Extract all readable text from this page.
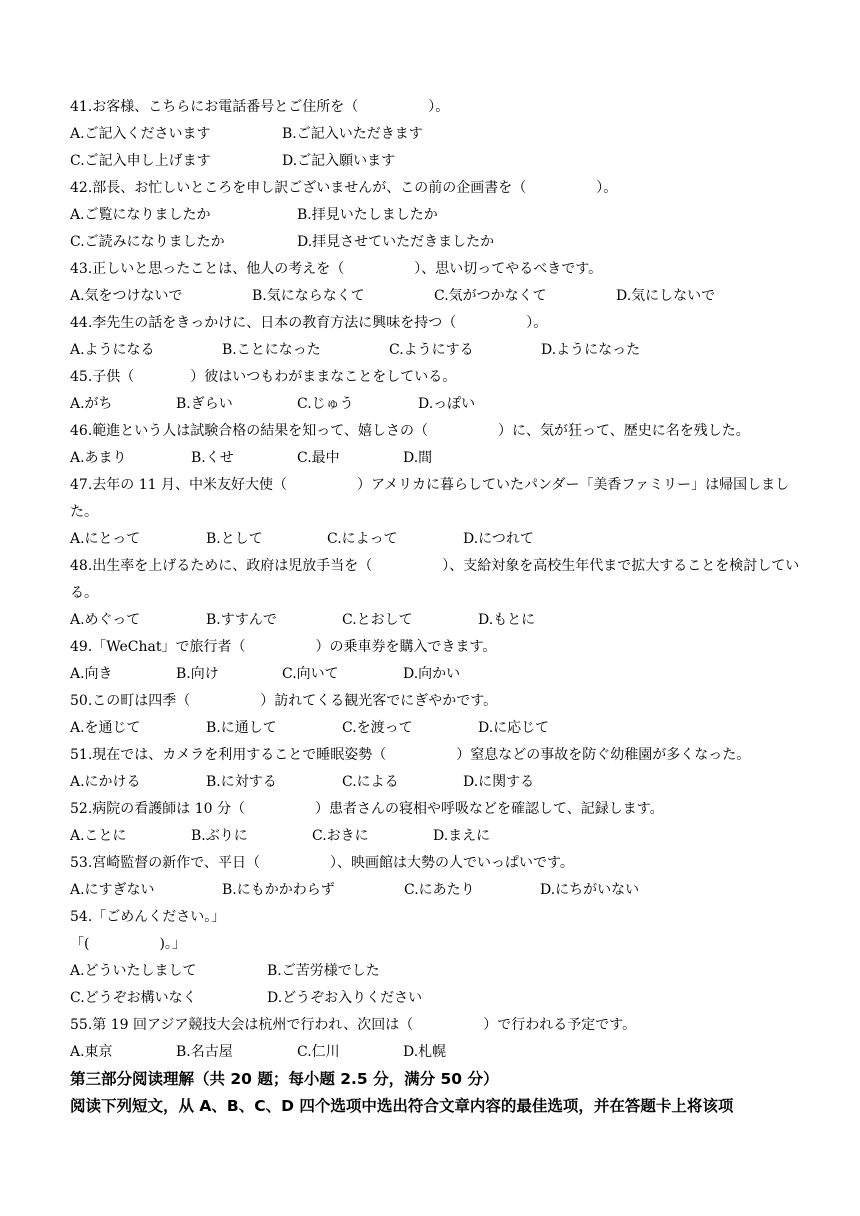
41.お客様、こちらにお電話番号とご住所を（　　　　　）。
A.ご記入くださいます	B.ご記入いただきます
C.ご記入申し上げます	D.ご記入願います
42.部長、お忙しいところを申し訳ございませんが、この前の企画書を（　　　　　）。
A.ご覧になりましたか	B.拝見いたしましたか
C.ご読みになりましたか	D.拝見させていただきましたか
43.正しいと思ったことは、他人の考えを（　　　　　）、思い切ってやるべきです。
A.気をつけないで	B.気にならなくて	C.気がつかなくて	D.気にしないで
44.李先生の話をきっかけに、日本の教育方法に興味を持つ（　　　　　）。
A.ようになる	B.ことになった	C.ようにする	D.ようになった
45.子供（　　　　）彼はいつもわがままなことをしている。
A.がち	B.ぎらい	C.じゅう	D.っぽい
46.範進という人は試験合格の結果を知って、嬉しさの（　　　　　）に、気が狂って、歴史に名を残した。
A.あまり	B.くせ	C.最中	D.間
47.去年の 11 月、中米友好大使（　　　　　）アメリカに暮らしていたパンダー「美香ファミリー」は帰国しました。
A.にとって	B.として	C.によって	D.につれて
48.出生率を上げるために、政府は児放手当を（　　　　　）、支給対象を高校生年代まで拡大することを検討している。
A.めぐって	B.すすんで	C.とおして	D.もとに
49.「WeChat」で旅行者（　　　　　）の乗車券を購入できます。
A.向き	B.向け	C.向いて	D.向かい
50.この町は四季（　　　　　）訪れてくる観光客でにぎやかです。
A.を通じて	B.に通して	C.を渡って	D.に応じて
51.現在では、カメラを利用することで睡眠姿勢（　　　　　）窒息などの事故を防ぐ幼稚園が多くなった。
A.にかける	B.に対する	C.による	D.に関する
52.病院の看護師は 10 分（　　　　　）患者さんの寝相や呼吸などを確認して、記録します。
A.ことに	B.ぶりに	C.おきに	D.まえに
53.宮崎監督の新作で、平日（　　　　　）、映画館は大勢の人でいっぱいです。
A.にすぎない	B.にもかかわらず	C.にあたり	D.にちがいない
54.「ごめんください。」
「(　　　　　)。」
A.どういたしまして	B.ご苦労様でした
C.どうぞお構いなく	D.どうぞお入りください
55.第 19 回アジア競技大会は杭州で行われ、次回は（　　　　　）で行われる予定です。
A.東京	B.名古屋	C.仁川	D.札幌
第三部分阅读理解（共 20 题；每小题 2.5 分，满分 50 分）
阅读下列短文，从 A、B、C、D 四个选项中选出符合文章内容的最佳选项，并在答题卡上将该项
